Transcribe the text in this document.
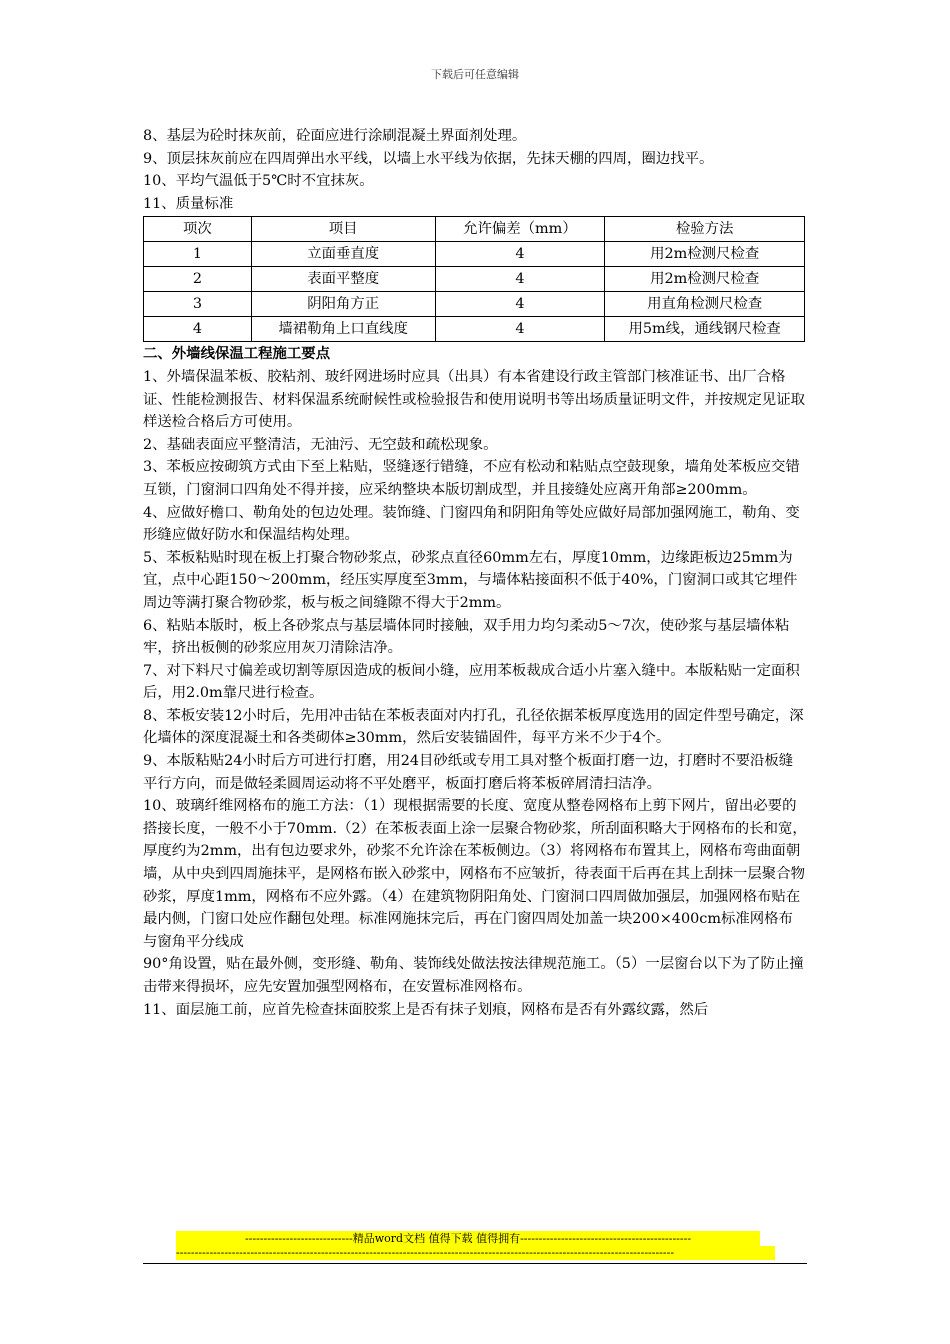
下载后可任意编辑

8、基层为砼时抹灰前，砼面应进行涂刷混凝土界面剂处理。

9、顶层抹灰前应在四周弹出水平线，以墙上水平线为依据，先抹天棚的四周，圈边找平。

10、平均气温低于5℃时不宜抹灰。

11、质量标准

项次	项目	允许偏差（mm）	检验方法
1	立面垂直度	4	用2m检测尺检查
2	表面平整度	4	用2m检测尺检查
3	阴阳角方正	4	用直角检测尺检查
4	墙裙勒角上口直线度	4	用5m线，通线钢尺检查

二、外墙线保温工程施工要点

1、外墙保温苯板、胶粘剂、玻纤网进场时应具（出具）有本省建设行政主管部门核准证书、出厂合格证、性能检测报告、材料保温系统耐候性或检验报告和使用说明书等出场质量证明文件，并按规定见证取样送检合格后方可使用。

2、基础表面应平整清洁，无油污、无空鼓和疏松现象。

3、苯板应按砌筑方式由下至上粘贴，竖缝逐行错缝，不应有松动和粘贴点空鼓现象，墙角处苯板应交错互锁，门窗洞口四角处不得并接，应采纳整块本版切割成型，并且接缝处应离开角部≥200mm。

4、应做好檐口、勒角处的包边处理。装饰缝、门窗四角和阴阳角等处应做好局部加强网施工，勒角、变形缝应做好防水和保温结构处理。

5、苯板粘贴时现在板上打聚合物砂浆点，砂浆点直径60mm左右，厚度10mm，边缘距板边25mm为宜，点中心距150～200mm，经压实厚度至3mm，与墙体粘接面积不低于40%，门窗洞口或其它埋件周边等满打聚合物砂浆，板与板之间缝隙不得大于2mm。

6、粘贴本版时，板上各砂浆点与基层墙体同时接触，双手用力均匀柔动5～7次，使砂浆与基层墙体粘牢，挤出板侧的砂浆应用灰刀清除洁净。

7、对下料尺寸偏差或切割等原因造成的板间小缝，应用苯板裁成合适小片塞入缝中。本版粘贴一定面积后，用2.0m靠尺进行检查。

8、苯板安装12小时后，先用冲击钻在苯板表面对内打孔，孔径依据苯板厚度选用的固定件型号确定，深化墙体的深度混凝土和各类砌体≥30mm，然后安装锚固件，每平方米不少于4个。

9、本版粘贴24小时后方可进行打磨，用24目砂纸或专用工具对整个板面打磨一边，打磨时不要沿板缝平行方向，而是做轻柔圆周运动将不平处磨平，板面打磨后将苯板碎屑清扫洁净。

10、玻璃纤维网格布的施工方法：（1）现根据需要的长度、宽度从整卷网格布上剪下网片，留出必要的搭接长度，一般不小于70mm.（2）在苯板表面上涂一层聚合物砂浆，所刮面积略大于网格布的长和宽，厚度约为2mm，出有包边要求外，砂浆不允许涂在苯板侧边。（3）将网格布布置其上，网格布弯曲面朝墙，从中央到四周施抹平，是网格布嵌入砂浆中，网格布不应皱折，待表面干后再在其上刮抹一层聚合物砂浆，厚度1mm，网格布不应外露。（4）在建筑物阴阳角处、门窗洞口四周做加强层，加强网格布贴在最内侧，门窗口处应作翻包处理。标准网施抹完后，再在门窗四周处加盖一块200×400cm标准网格布与窗角平分线成

90°角设置，贴在最外侧，变形缝、勒角、装饰线处做法按法律规范施工。（5）一层窗台以下为了防止撞击带来得损坏，应先安置加强型网格布，在安置标准网格布。

11、面层施工前，应首先检查抹面胶浆上是否有抹子划痕，网格布是否有外露纹露，然后

-----------------------------精品word文档 值得下载 值得拥有----------------------------------------------
--------------------------------------------------------------------------------------------------------------------------------------
